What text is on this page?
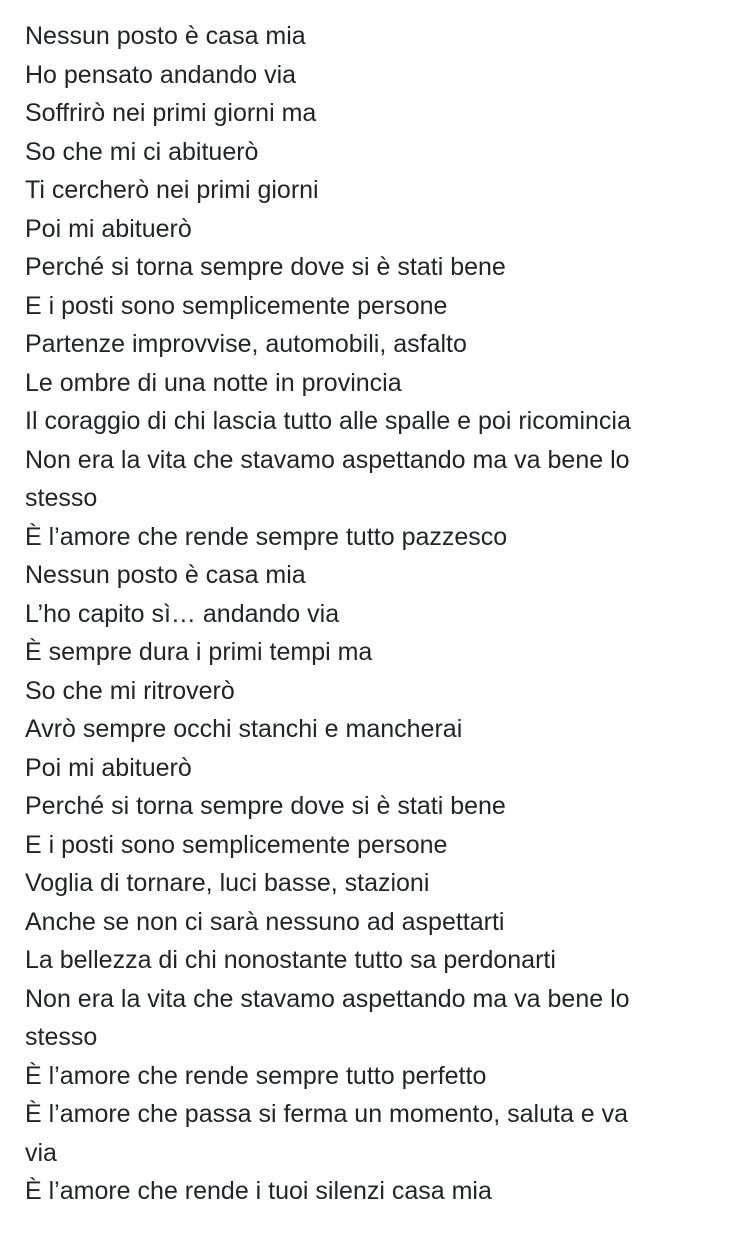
Nessun posto è casa mia
Ho pensato andando via
Soffrirò nei primi giorni ma
So che mi ci abituerò
Ti cercherò nei primi giorni
Poi mi abituerò
Perché si torna sempre dove si è stati bene
E i posti sono semplicemente persone
Partenze improvvise, automobili, asfalto
Le ombre di una notte in provincia
Il coraggio di chi lascia tutto alle spalle e poi ricomincia
Non era la vita che stavamo aspettando ma va bene lo
stesso
È l’amore che rende sempre tutto pazzesco
Nessun posto è casa mia
L’ho capito sì… andando via
È sempre dura i primi tempi ma
So che mi ritroverò
Avrò sempre occhi stanchi e mancherai
Poi mi abituerò
Perché si torna sempre dove si è stati bene
E i posti sono semplicemente persone
Voglia di tornare, luci basse, stazioni
Anche se non ci sarà nessuno ad aspettarti
La bellezza di chi nonostante tutto sa perdonarti
Non era la vita che stavamo aspettando ma va bene lo
stesso
È l’amore che rende sempre tutto perfetto
È l’amore che passa si ferma un momento, saluta e va
via
È l’amore che rende i tuoi silenzi casa mia
